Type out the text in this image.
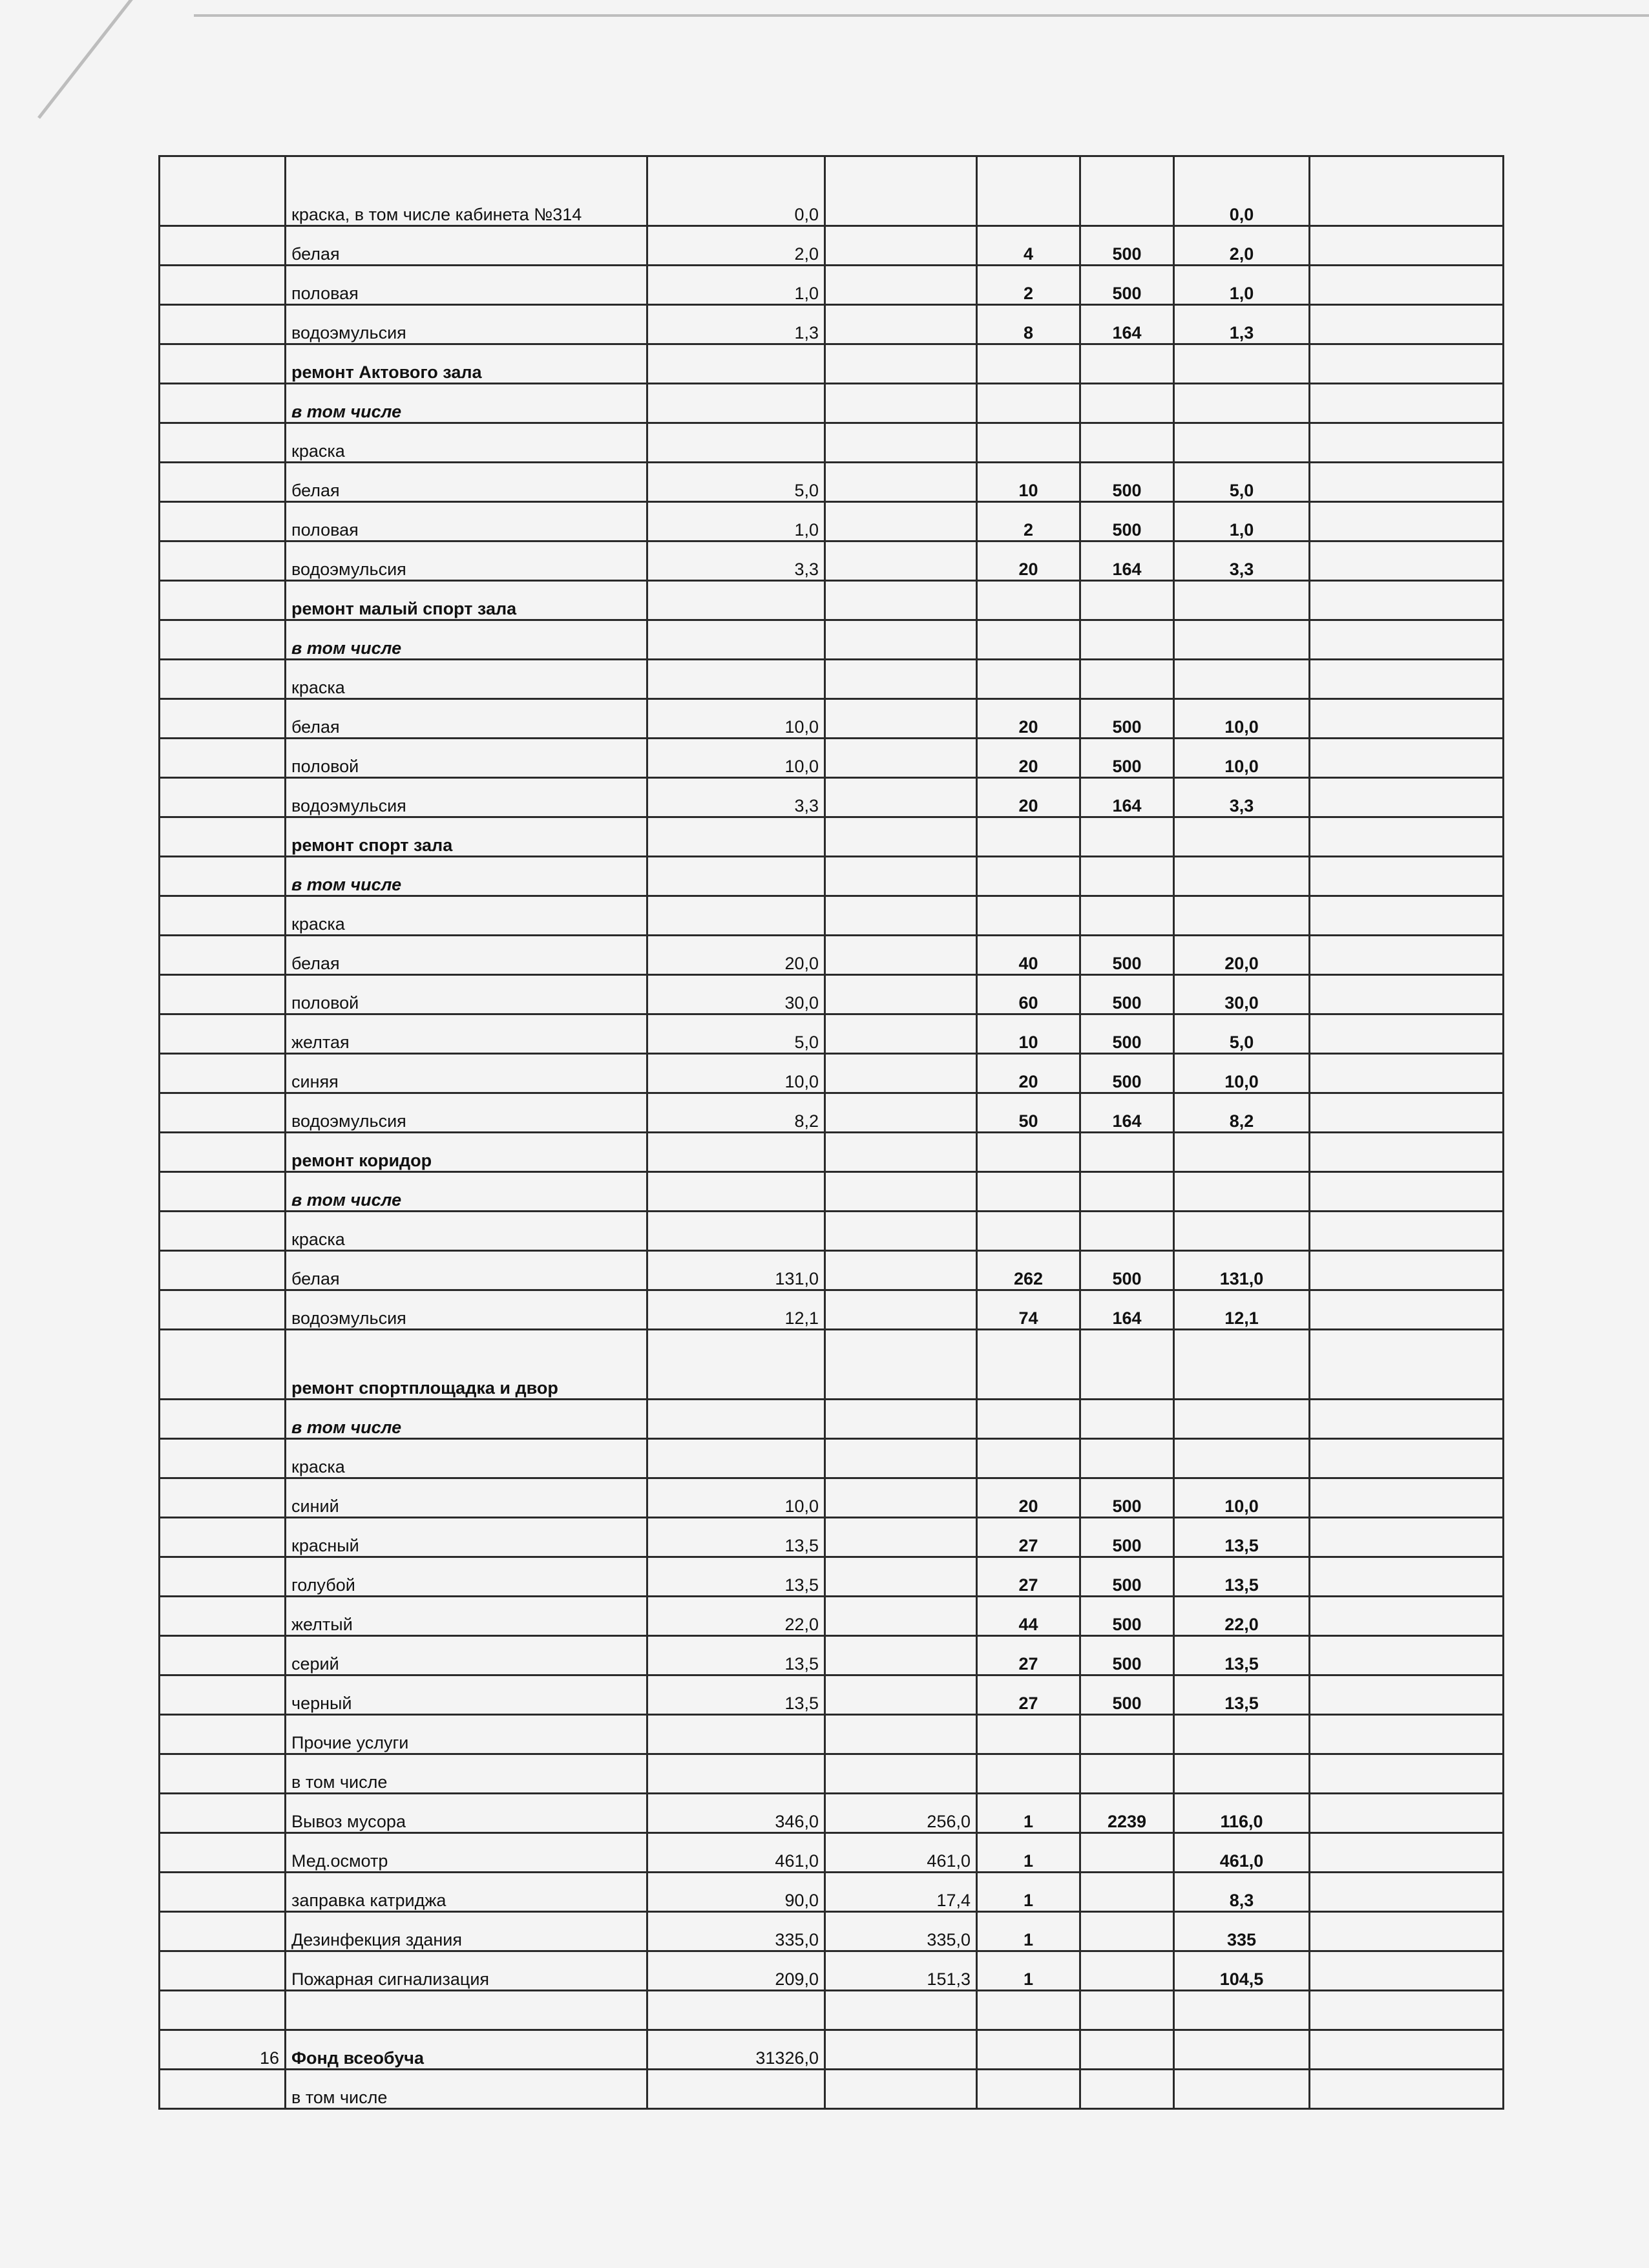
	краска, в том числе кабинета №314	0,0				0,0	
	белая	2,0		4	500	2,0	
	половая	1,0		2	500	1,0	
	водоэмульсия	1,3		8	164	1,3	
	ремонт Актового зала						
	в том числе						
	краска						
	белая	5,0		10	500	5,0	
	половая	1,0		2	500	1,0	
	водоэмульсия	3,3		20	164	3,3	
	ремонт малый спорт зала						
	в том числе						
	краска						
	белая	10,0		20	500	10,0	
	половой	10,0		20	500	10,0	
	водоэмульсия	3,3		20	164	3,3	
	ремонт спорт зала						
	в том числе						
	краска						
	белая	20,0		40	500	20,0	
	половой	30,0		60	500	30,0	
	желтая	5,0		10	500	5,0	
	синяя	10,0		20	500	10,0	
	водоэмульсия	8,2		50	164	8,2	
	ремонт коридор						
	в том числе						
	краска						
	белая	131,0		262	500	131,0	
	водоэмульсия	12,1		74	164	12,1	
	ремонт спортплощадка и двор						
	в том числе						
	краска						
	синий	10,0		20	500	10,0	
	красный	13,5		27	500	13,5	
	голубой	13,5		27	500	13,5	
	желтый	22,0		44	500	22,0	
	серий	13,5		27	500	13,5	
	черный	13,5		27	500	13,5	
	Прочие услуги						
	в том числе						
	Вывоз мусора	346,0	256,0	1	2239	116,0	
	Мед.осмотр	461,0	461,0	1		461,0	
	заправка катриджа	90,0	17,4	1		8,3	
	Дезинфекция здания	335,0	335,0	1		335	
	Пожарная сигнализация	209,0	151,3	1		104,5	

16	Фонд всеобуча	31326,0					
	в том числе						
